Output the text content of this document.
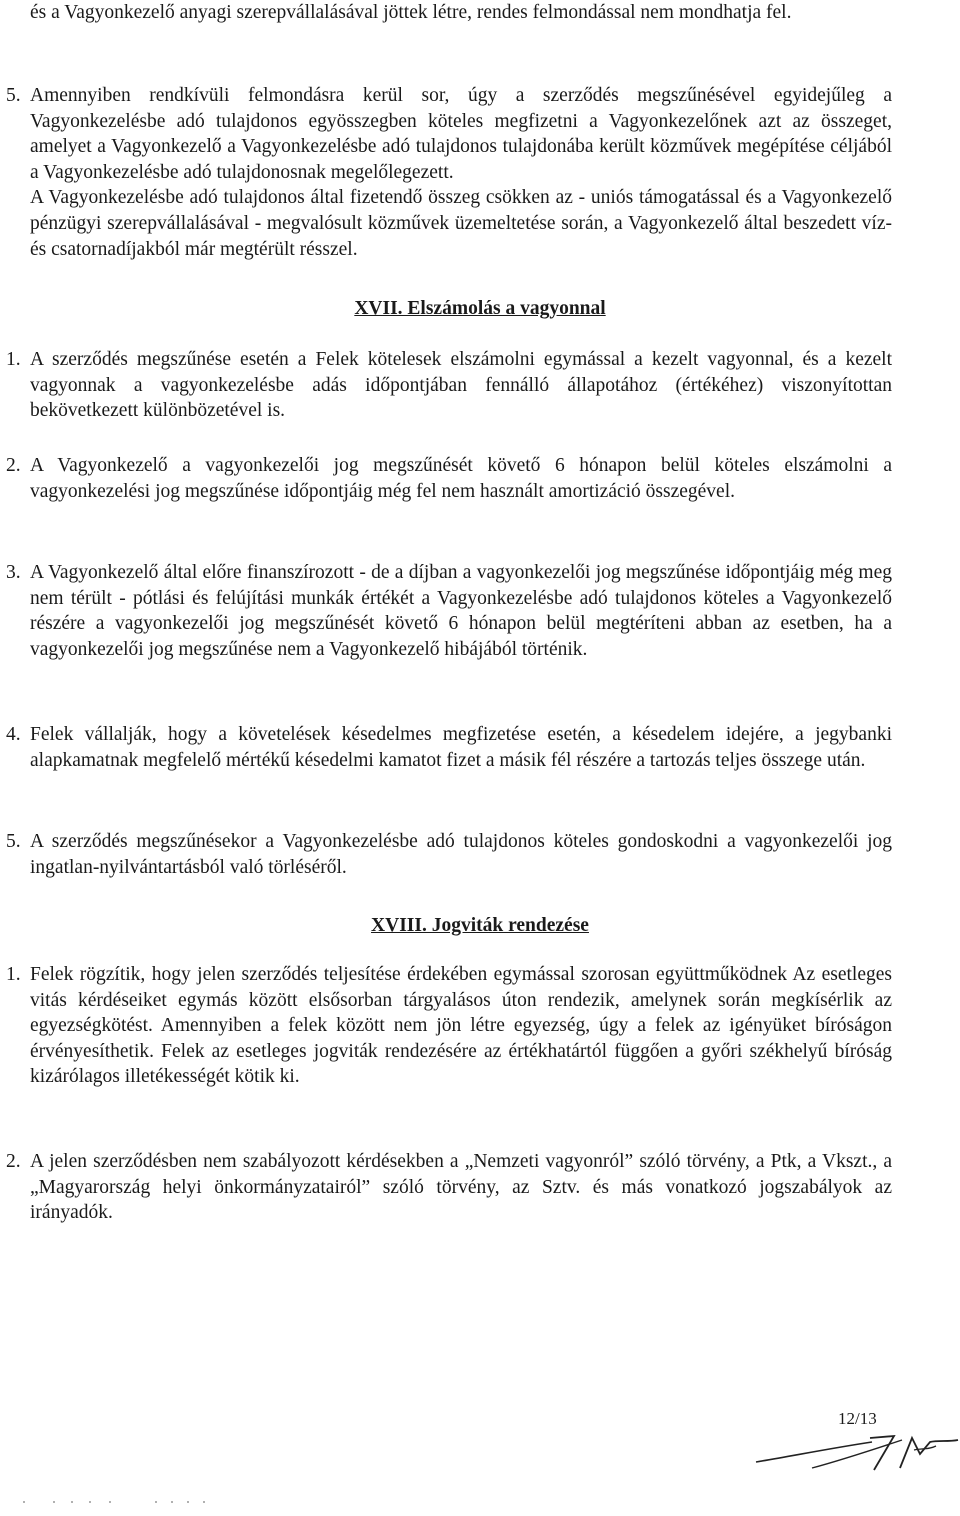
és a Vagyonkezelő anyagi szerepvállalásával jöttek létre, rendes felmondással nem mondhatja fel.

5. Amennyiben rendkívüli felmondásra kerül sor, úgy a szerződés megszűnésével egyidejűleg a Vagyonkezelésbe adó tulajdonos egyösszegben köteles megfizetni a Vagyonkezelőnek azt az összeget, amelyet a Vagyonkezelő a Vagyonkezelésbe adó tulajdonos tulajdonába került közművek megépítése céljából a Vagyonkezelésbe adó tulajdonosnak megelőlegezett.
A Vagyonkezelésbe adó tulajdonos által fizetendő összeg csökken az - uniós támogatással és a Vagyonkezelő pénzügyi szerepvállalásával - megvalósult közművek üzemeltetése során, a Vagyonkezelő által beszedett víz-és csatornadíjakból már megtérült résszel.
XVII. Elszámolás a vagyonnal
1. A szerződés megszűnése esetén a Felek kötelesek elszámolni egymással a kezelt vagyonnal, és a kezelt vagyonnak a vagyonkezelésbe adás időpontjában fennálló állapotához (értékéhez) viszonyítottan bekövetkezett különbözetével is.
2. A Vagyonkezelő a vagyonkezelői jog megszűnését követő 6 hónapon belül köteles elszámolni a vagyonkezelési jog megszűnése időpontjáig még fel nem használt amortizáció összegével.
3. A Vagyonkezelő által előre finanszírozott - de a díjban a vagyonkezelői jog megszűnése időpontjáig még meg nem térült - pótlási és felújítási munkák értékét a Vagyonkezelésbe adó tulajdonos köteles a Vagyonkezelő részére a vagyonkezelői jog megszűnését követő 6 hónapon belül megtéríteni abban az esetben, ha a vagyonkezelői jog megszűnése nem a Vagyonkezelő hibájából történik.
4. Felek vállalják, hogy a követelések késedelmes megfizetése esetén, a késedelem idejére, a jegybanki alapkamatnak megfelelő mértékű késedelmi kamatot fizet a másik fél részére a tartozás teljes összege után.
5. A szerződés megszűnésekor a Vagyonkezelésbe adó tulajdonos köteles gondoskodni a vagyonkezelői jog ingatlan-nyilvántartásból való törléséről.
XVIII. Jogviták rendezése
1. Felek rögzítik, hogy jelen szerződés teljesítése érdekében egymással szorosan együttműködnek Az esetleges vitás kérdéseiket egymás között elsősorban tárgyalásos úton rendezik, amelynek során megkísérlik az egyezségkötést. Amennyiben a felek között nem jön létre egyezség, úgy a felek az igényüket bíróságon érvényesíthetik. Felek az esetleges jogviták rendezésére az értékhatártól függően a győri székhelyű bíróság kizárólagos illetékességét kötik ki.
2. A jelen szerződésben nem szabályozott kérdésekben a „Nemzeti vagyonról” szóló törvény, a Ptk, a Vkszt., a „Magyarország helyi önkormányzatairól” szóló törvény, az Sztv. és más vonatkozó jogszabályok az irányadók.
12/13
